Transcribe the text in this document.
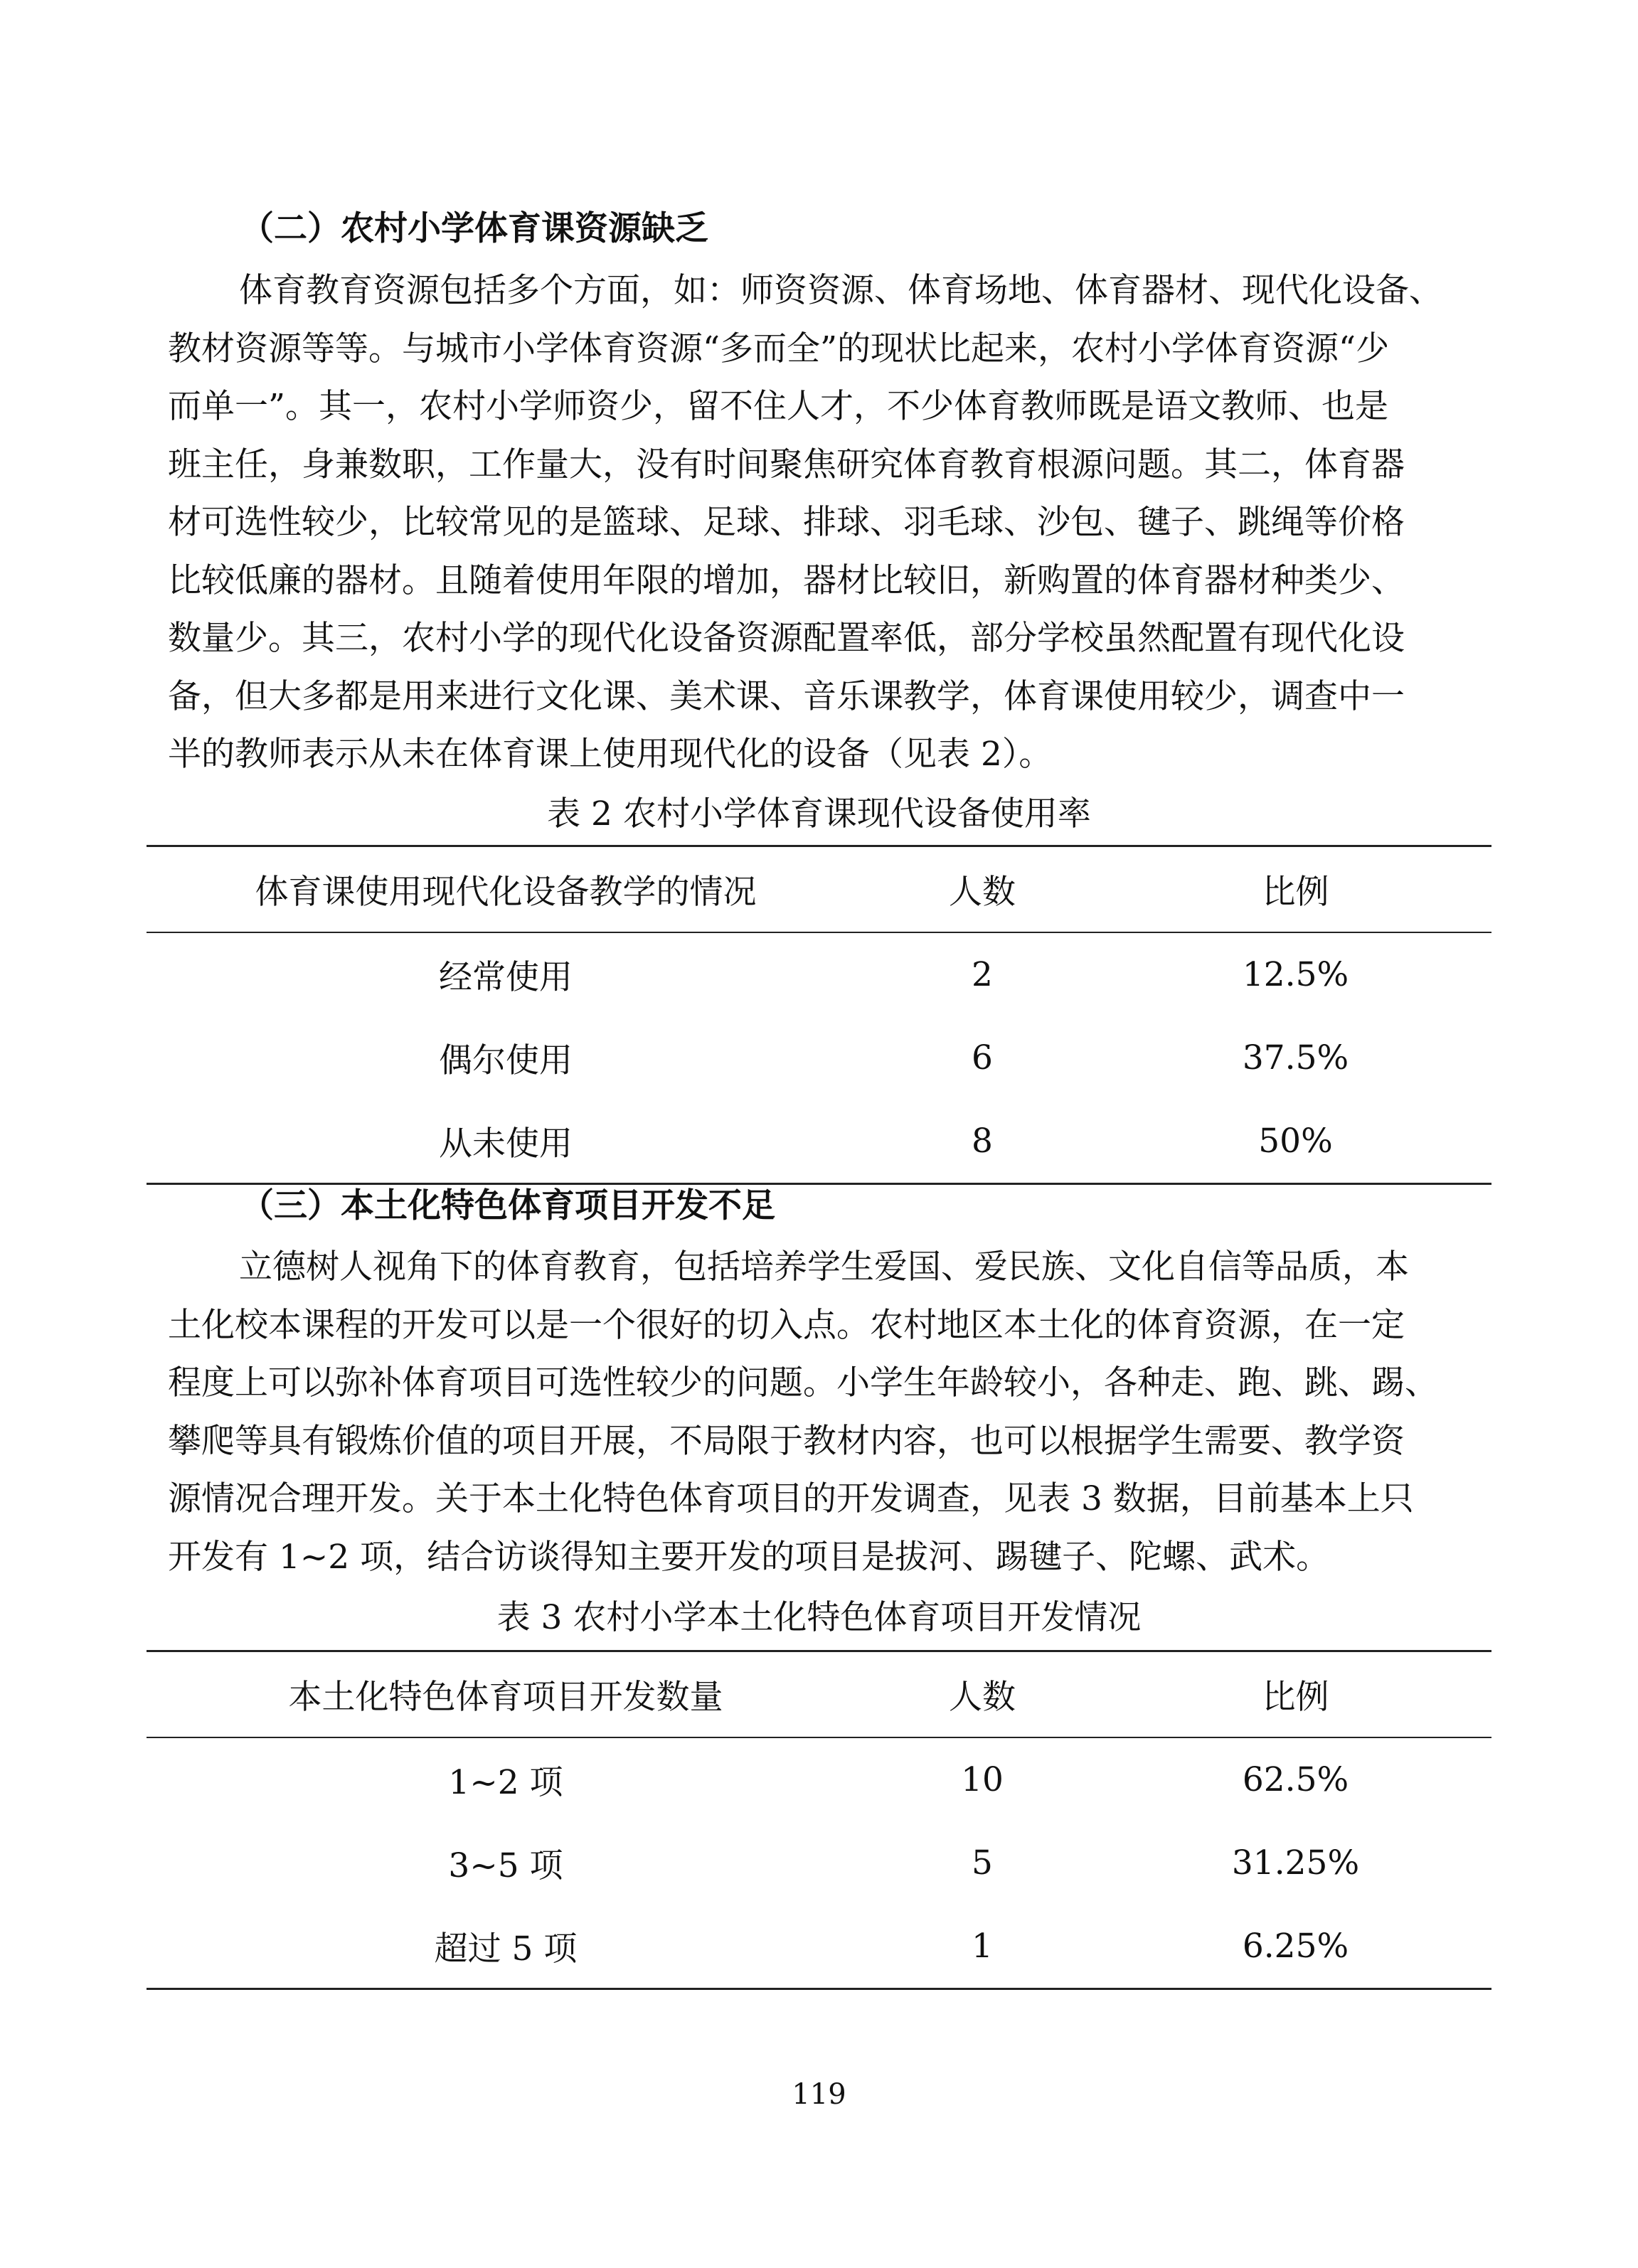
（二）农村小学体育课资源缺乏
体育教育资源包括多个方面，如：师资资源、体育场地、体育器材、现代化设备、
教材资源等等。与城市小学体育资源“多而全”的现状比起来，农村小学体育资源“少
而单一”。其一，农村小学师资少，留不住人才，不少体育教师既是语文教师、也是
班主任，身兼数职，工作量大，没有时间聚焦研究体育教育根源问题。其二，体育器
材可选性较少，比较常见的是篮球、足球、排球、羽毛球、沙包、毽子、跳绳等价格
比较低廉的器材。且随着使用年限的增加，器材比较旧，新购置的体育器材种类少、
数量少。其三，农村小学的现代化设备资源配置率低，部分学校虽然配置有现代化设
备，但大多都是用来进行文化课、美术课、音乐课教学，体育课使用较少，调查中一
半的教师表示从未在体育课上使用现代化的设备（见表 2）。
表 2 农村小学体育课现代设备使用率
体育课使用现代化设备教学的情况	人数	比例
经常使用	2	12.5%
偶尔使用	6	37.5%
从未使用	8	50%
（三）本土化特色体育项目开发不足
立德树人视角下的体育教育，包括培养学生爱国、爱民族、文化自信等品质，本
土化校本课程的开发可以是一个很好的切入点。农村地区本土化的体育资源，在一定
程度上可以弥补体育项目可选性较少的问题。小学生年龄较小，各种走、跑、跳、踢、
攀爬等具有锻炼价值的项目开展，不局限于教材内容，也可以根据学生需要、教学资
源情况合理开发。关于本土化特色体育项目的开发调查，见表 3 数据，目前基本上只
开发有 1~2 项，结合访谈得知主要开发的项目是拔河、踢毽子、陀螺、武术。
表 3 农村小学本土化特色体育项目开发情况
本土化特色体育项目开发数量	人数	比例
1~2 项	10	62.5%
3~5 项	5	31.25%
超过 5 项	1	6.25%
119
